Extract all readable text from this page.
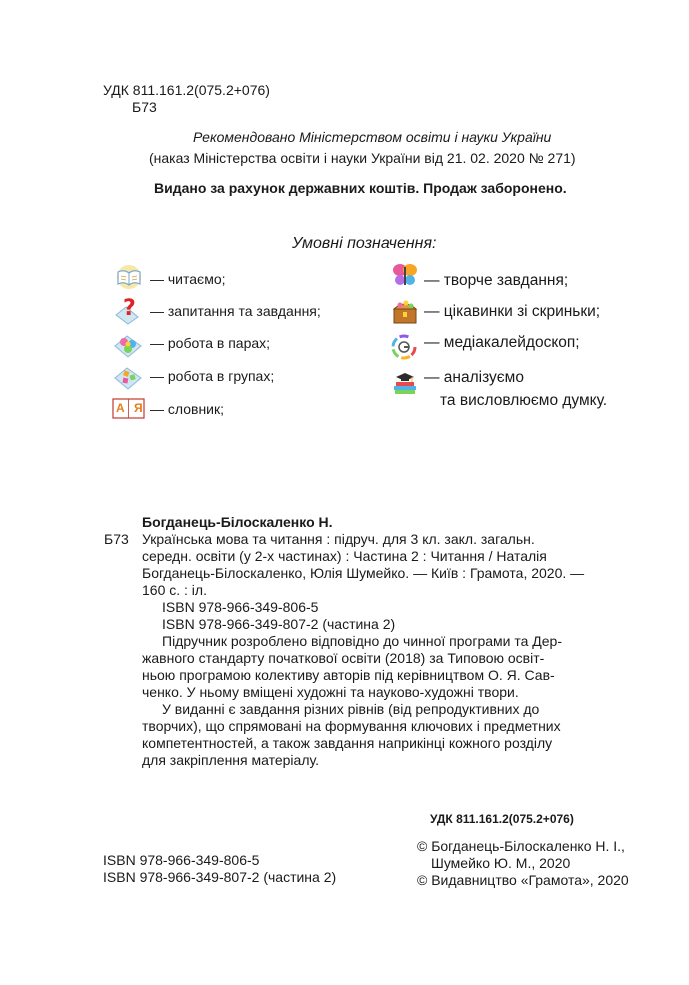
УДК 811.161.2(075.2+076)
Б73
Рекомендовано Міністерством освіти і науки України
(наказ Міністерства освіти і науки України від 21. 02. 2020 № 271)
Видано за рахунок державних коштів. Продаж заборонено.
Умовні позначення:
— читаємо;
? — запитання та завдання;
— робота в парах;
— робота в групах;
А Я — словник;
— творче завдання;
— цікавинки зі скриньки;
— медіакалейдоскоп;
— аналізуємо
та висловлюємо думку.
Богданець-Білоскаленко Н.
Б73 Українська мова та читання : підруч. для 3 кл. закл. загальн.
середн. освіти (у 2-х частинах) : Частина 2 : Читання / Наталія
Богданець-Білоскаленко, Юлія Шумейко. — Київ : Грамота, 2020. —
160 с. : іл.
ISBN 978-966-349-806-5
ISBN 978-966-349-807-2 (частина 2)
Підручник розроблено відповідно до чинної програми та Дер-
жавного стандарту початкової освіти (2018) за Типовою освіт-
ньою програмою колективу авторів під керівництвом О. Я. Сав-
ченко. У ньому вміщені художні та науково-художні твори.
У виданні є завдання різних рівнів (від репродуктивних до
творчих), що спрямовані на формування ключових і предметних
компетентностей, а також завдання наприкінці кожного розділу
для закріплення матеріалу.
УДК 811.161.2(075.2+076)
ISBN 978-966-349-806-5
ISBN 978-966-349-807-2 (частина 2)
© Богданець-Білоскаленко Н. І.,
Шумейко Ю. М., 2020
© Видавництво «Грамота», 2020
